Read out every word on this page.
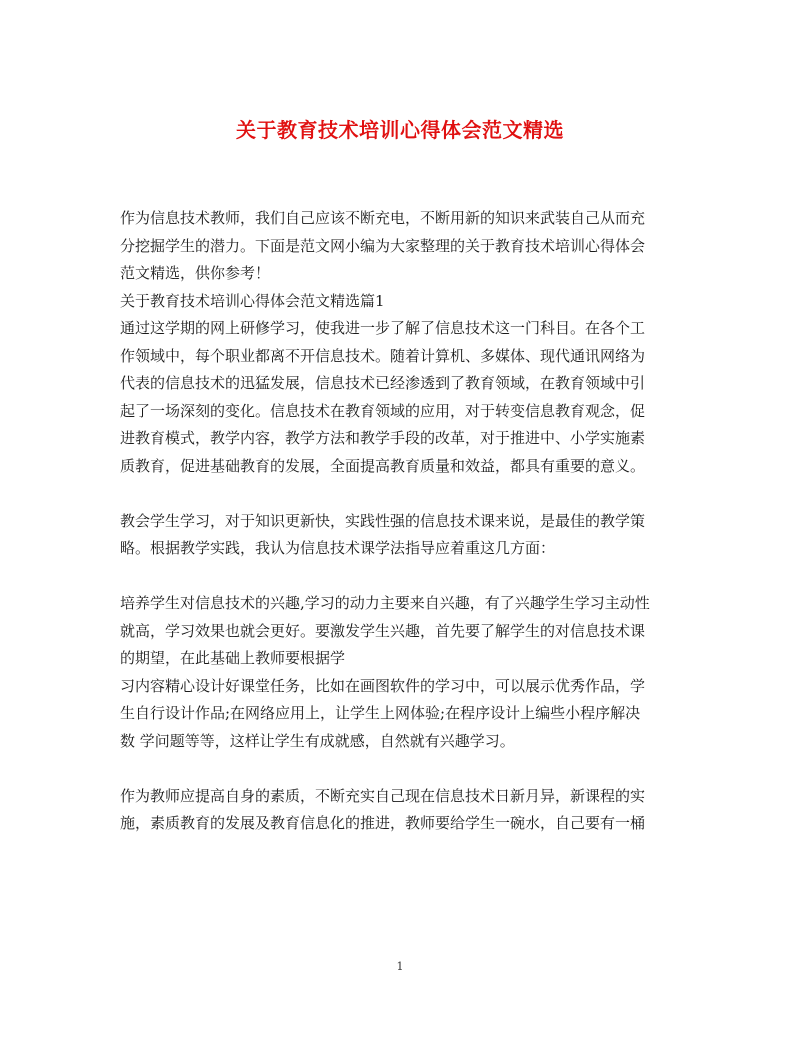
关于教育技术培训心得体会范文精选
作为信息技术教师，我们自己应该不断充电，不断用新的知识来武装自己从而充
分挖掘学生的潜力。下面是范文网小编为大家整理的关于教育技术培训心得体会
范文精选，供你参考！
关于教育技术培训心得体会范文精选篇1
通过这学期的网上研修学习，使我进一步了解了信息技术这一门科目。在各个工
作领域中，每个职业都离不开信息技术。随着计算机、多媒体、现代通讯网络为
代表的信息技术的迅猛发展，信息技术已经渗透到了教育领域，在教育领域中引
起了一场深刻的变化。信息技术在教育领域的应用，对于转变信息教育观念，促
进教育模式，教学内容，教学方法和教学手段的改革，对于推进中、小学实施素
质教育，促进基础教育的发展，全面提高教育质量和效益，都具有重要的意义。
教会学生学习，对于知识更新快，实践性强的信息技术课来说，是最佳的教学策
略。根据教学实践，我认为信息技术课学法指导应着重这几方面：
培养学生对信息技术的兴趣,学习的动力主要来自兴趣，有了兴趣学生学习主动性
就高，学习效果也就会更好。要激发学生兴趣，首先要了解学生的对信息技术课
的期望，在此基础上教师要根据学
习内容精心设计好课堂任务，比如在画图软件的学习中，可以展示优秀作品，学
生自行设计作品;在网络应用上，让学生上网体验;在程序设计上编些小程序解决
数 学问题等等，这样让学生有成就感，自然就有兴趣学习。
作为教师应提高自身的素质，不断充实自己现在信息技术日新月异，新课程的实
施，素质教育的发展及教育信息化的推进，教师要给学生一碗水，自己要有一桶
1
